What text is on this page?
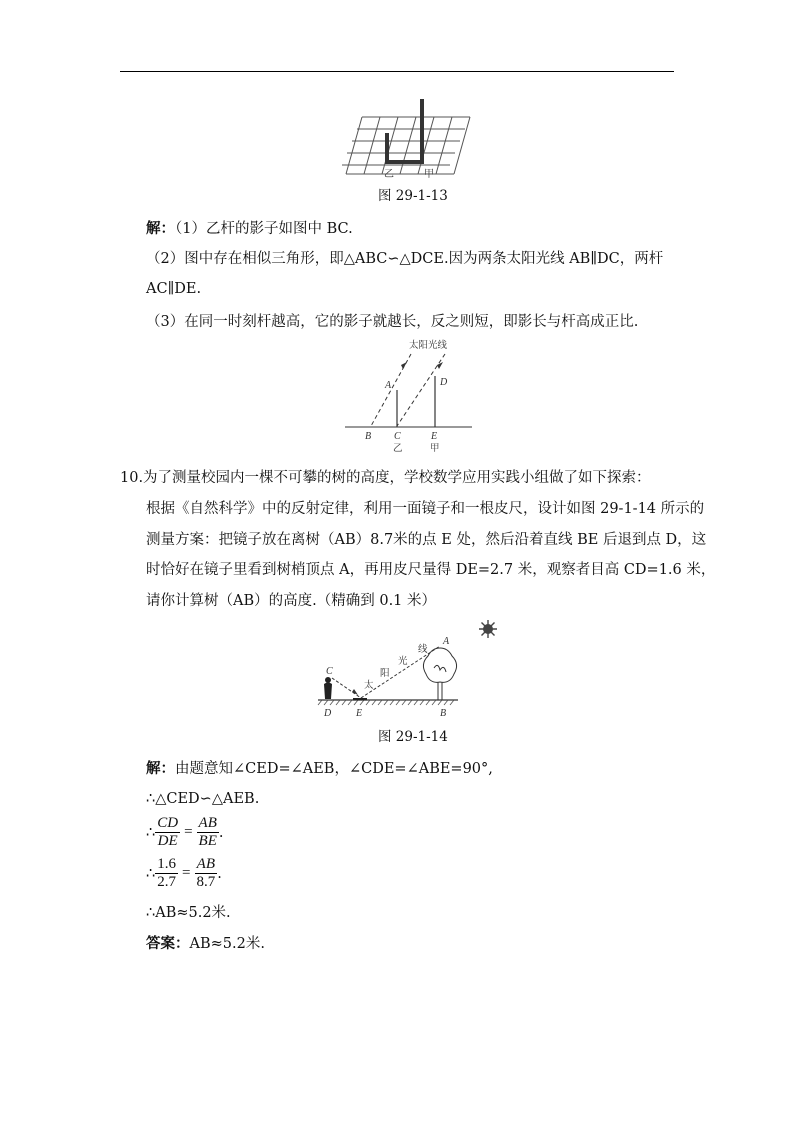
乙	甲
图 29-1-13
解：（1）乙杆的影子如图中 BC.
（2）图中存在相似三角形，即△ABC∽△DCE.因为两条太阳光线 AB∥DC，两杆
AC∥DE.
（3）在同一时刻杆越高，它的影子就越长，反之则短，即影长与杆高成正比.
太阳光线
A	D
B C	E
乙	甲
10.为了测量校园内一棵不可攀的树的高度，学校数学应用实践小组做了如下探索：
根据《自然科学》中的反射定律，利用一面镜子和一根皮尺，设计如图 29-1-14 所示的
测量方案：把镜子放在离树（AB）8.7米的点 E 处，然后沿着直线 BE 后退到点 D，这
时恰好在镜子里看到树梢顶点 A，再用皮尺量得 DE=2.7 米，观察者目高 CD=1.6 米，
请你计算树（AB）的高度.（精确到 0.1 米）
C
A
D E	B
太
阳
光
线
图 29-1-14
解：由题意知∠CED=∠AEB，∠CDE=∠ABE=90°,
∴△CED∽△AEB.
∴ $\frac{CD}{DE} = \frac{AB}{BE}$ .
∴ $\frac{1.6}{2.7} = \frac{AB}{8.7}$ .
∴AB≈5.2米.
答案：AB≈5.2米.
